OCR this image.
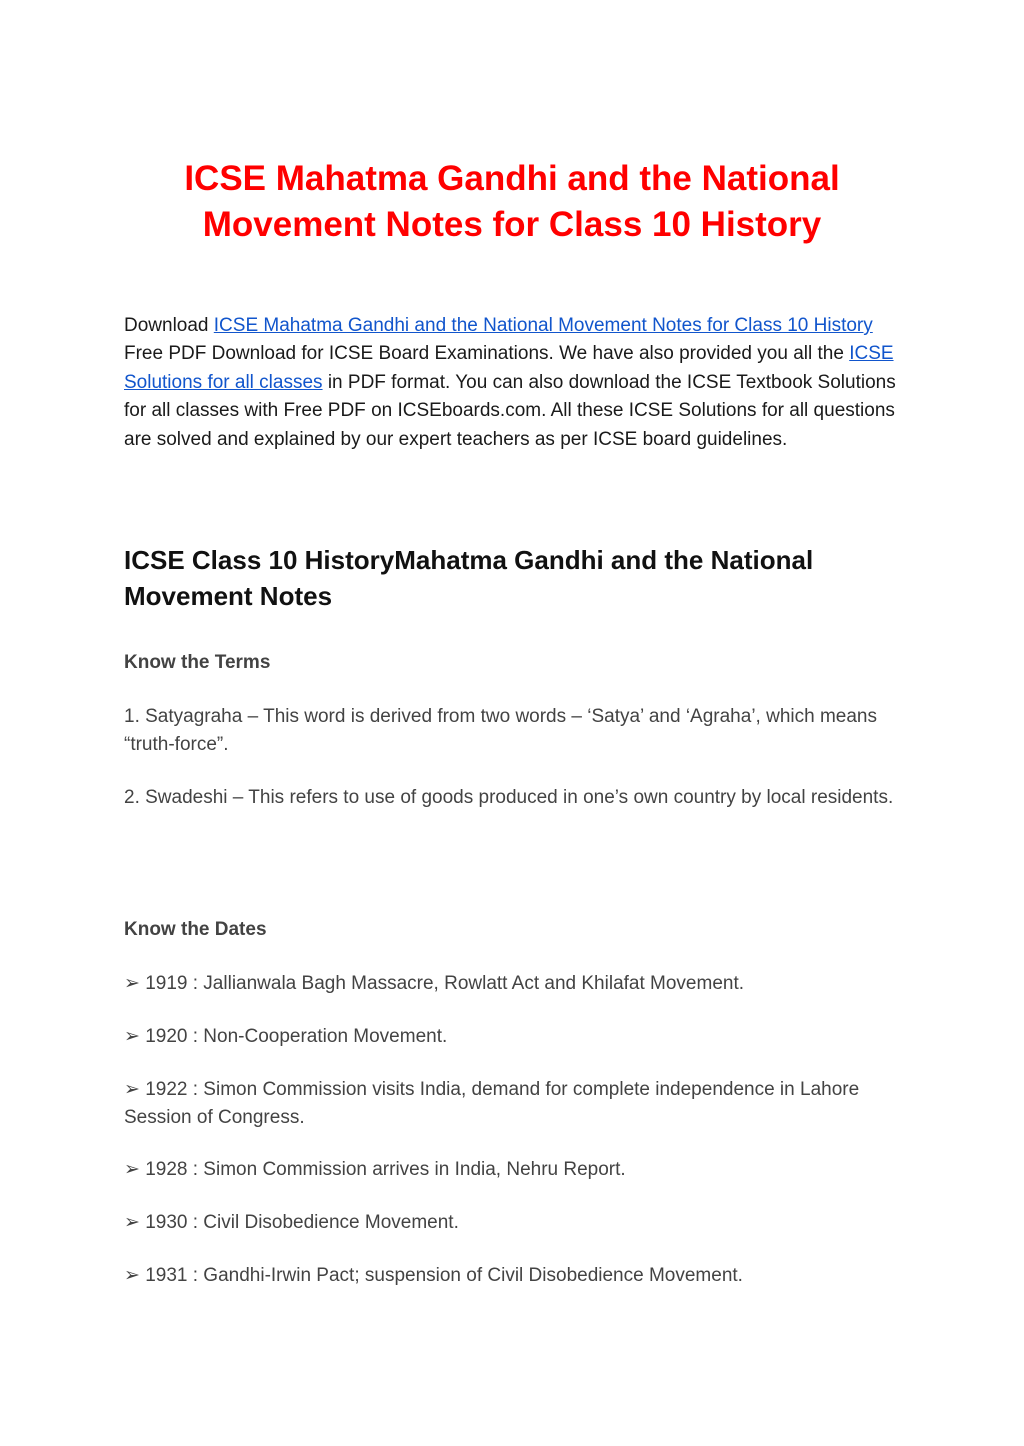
ICSE Mahatma Gandhi and the National
Movement Notes for Class 10 History

Download ICSE Mahatma Gandhi and the National Movement Notes for Class 10 History Free PDF Download for ICSE Board Examinations. We have also provided you all the ICSE Solutions for all classes in PDF format. You can also download the ICSE Textbook Solutions for all classes with Free PDF on ICSEboards.com. All these ICSE Solutions for all questions are solved and explained by our expert teachers as per ICSE board guidelines.

ICSE Class 10 HistoryMahatma Gandhi and the National Movement Notes
Know the Terms

1. Satyagraha – This word is derived from two words – ‘Satya’ and ‘Agraha’, which means “truth-force”.

2. Swadeshi – This refers to use of goods produced in one’s own country by local residents.

Know the Dates

➢ 1919 : Jallianwala Bagh Massacre, Rowlatt Act and Khilafat Movement.

➢ 1920 : Non-Cooperation Movement.

➢ 1922 : Simon Commission visits India, demand for complete independence in Lahore Session of Congress.

➢ 1928 : Simon Commission arrives in India, Nehru Report.

➢ 1930 : Civil Disobedience Movement.

➢ 1931 : Gandhi-Irwin Pact; suspension of Civil Disobedience Movement.
